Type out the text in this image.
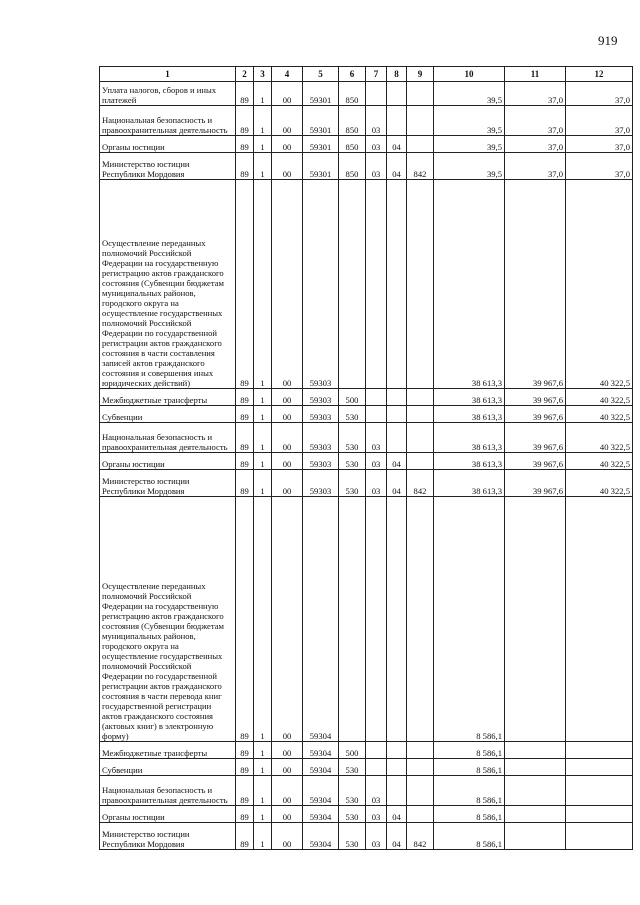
919
1	2	3	4	5	6	7	8	9	10	11	12
Уплата налогов, сборов и иных платежей	89	1	00	59301	850				39,5	37,0	37,0
Национальная безопасность и правоохранительная деятельность	89	1	00	59301	850	03			39,5	37,0	37,0
Органы юстиции	89	1	00	59301	850	03	04		39,5	37,0	37,0
Министерство юстиции Республики Мордовия	89	1	00	59301	850	03	04	842	39,5	37,0	37,0
Осуществление переданных полномочий Российской Федерации на государственную регистрацию актов гражданского состояния (Субвенции бюджетам муниципальных районов, городского округа на осуществление государственных полномочий Российской Федерации по государственной регистрации актов гражданского состояния в части составления записей актов гражданского состояния и совершения иных юридических действий)	89	1	00	59303					38 613,3	39 967,6	40 322,5
Межбюджетные трансферты	89	1	00	59303	500				38 613,3	39 967,6	40 322,5
Субвенции	89	1	00	59303	530				38 613,3	39 967,6	40 322,5
Национальная безопасность и правоохранительная деятельность	89	1	00	59303	530	03			38 613,3	39 967,6	40 322,5
Органы юстиции	89	1	00	59303	530	03	04		38 613,3	39 967,6	40 322,5
Министерство юстиции Республики Мордовия	89	1	00	59303	530	03	04	842	38 613,3	39 967,6	40 322,5
Осуществление переданных полномочий Российской Федерации на государственную регистрацию актов гражданского состояния (Субвенции бюджетам муниципальных районов, городского округа на осуществление государственных полномочий Российской Федерации по государственной регистрации актов гражданского состояния в части перевода книг государственной регистрации актов гражданского состояния (актовых книг) в электронную форму)	89	1	00	59304					8 586,1		
Межбюджетные трансферты	89	1	00	59304	500				8 586,1		
Субвенции	89	1	00	59304	530				8 586,1		
Национальная безопасность и правоохранительная деятельность	89	1	00	59304	530	03			8 586,1		
Органы юстиции	89	1	00	59304	530	03	04		8 586,1		
Министерство юстиции Республики Мордовия	89	1	00	59304	530	03	04	842	8 586,1		
